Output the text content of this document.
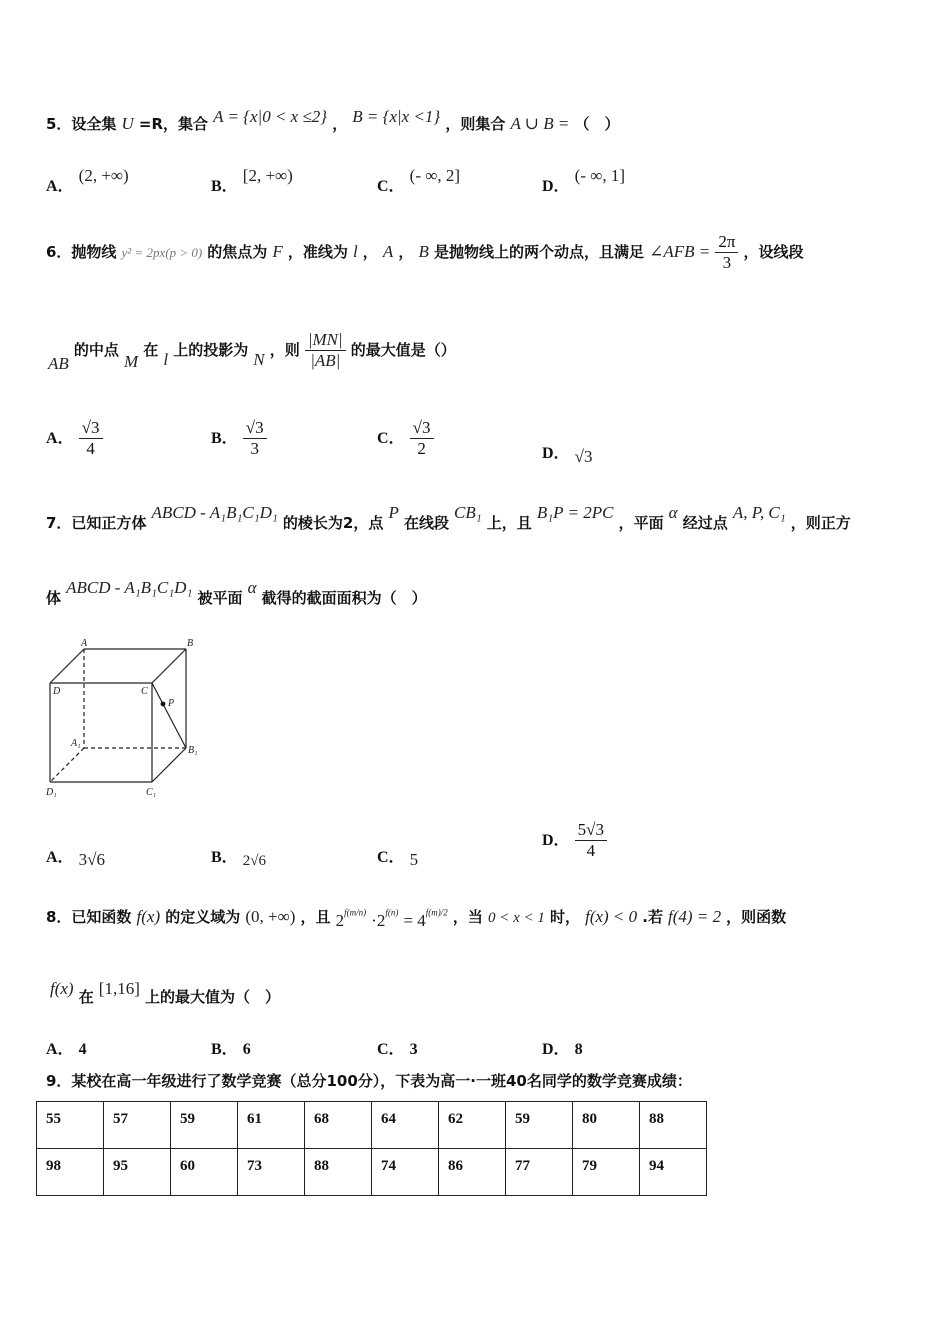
5．设全集 U =R，集合 A = {x|0 < x ≤2} ， B = {x|x <1} ，则集合 A ∪ B = （　）
A． (2, +∞)
B． [2, +∞)
C． (- ∞, 2]
D． (- ∞, 1]
6．抛物线 y² = 2px(p > 0) 的焦点为 F ，准线为 l ， A ， B 是抛物线上的两个动点，且满足 ∠AFB = $\frac{2\pi}{3}$ ，设线段
AB 的中点 M 在 l 上的投影为 N ，则 $\frac{|MN|}{|AB|}$ 的最大值是（）
A． $\frac{√3}{4}$	B． $\frac{√3}{3}$	C． $\frac{√3}{2}$	D． √3
7．已知正方体 ABCD - A₁B₁C₁D₁ 的棱长为2，点 P 在线段 CB₁ 上，且 B₁P = 2PC ，平面 α 经过点 A, P, C₁ ，则正方
体 ABCD - A₁B₁C₁D₁ 被平面 α 截得的截面面积为（　）
A	B
D	C
P
A₁
B₁
D₁	C₁
A． 3√6	B． 2√6	C． 5
D． $\frac{5√3}{4}$
8．已知函数 f(x) 的定义域为 (0, +∞) ，且 $2^{f(m/n)} \cdot 2^{f(n)} = 4^{f(m)/2}$ ，当 0 < x < 1 时， f(x) < 0 .若 f(4) = 2 ，则函数
f(x) 在 [1,16] 上的最大值为（　）
A． 4	B． 6	C． 3	D． 8
9．某校在高一年级进行了数学竞赛（总分100分），下表为高一·一班40名同学的数学竞赛成绩：
55	57	59	61	68	64	62	59	80	88
98	95	60	73	88	74	86	77	79	94
